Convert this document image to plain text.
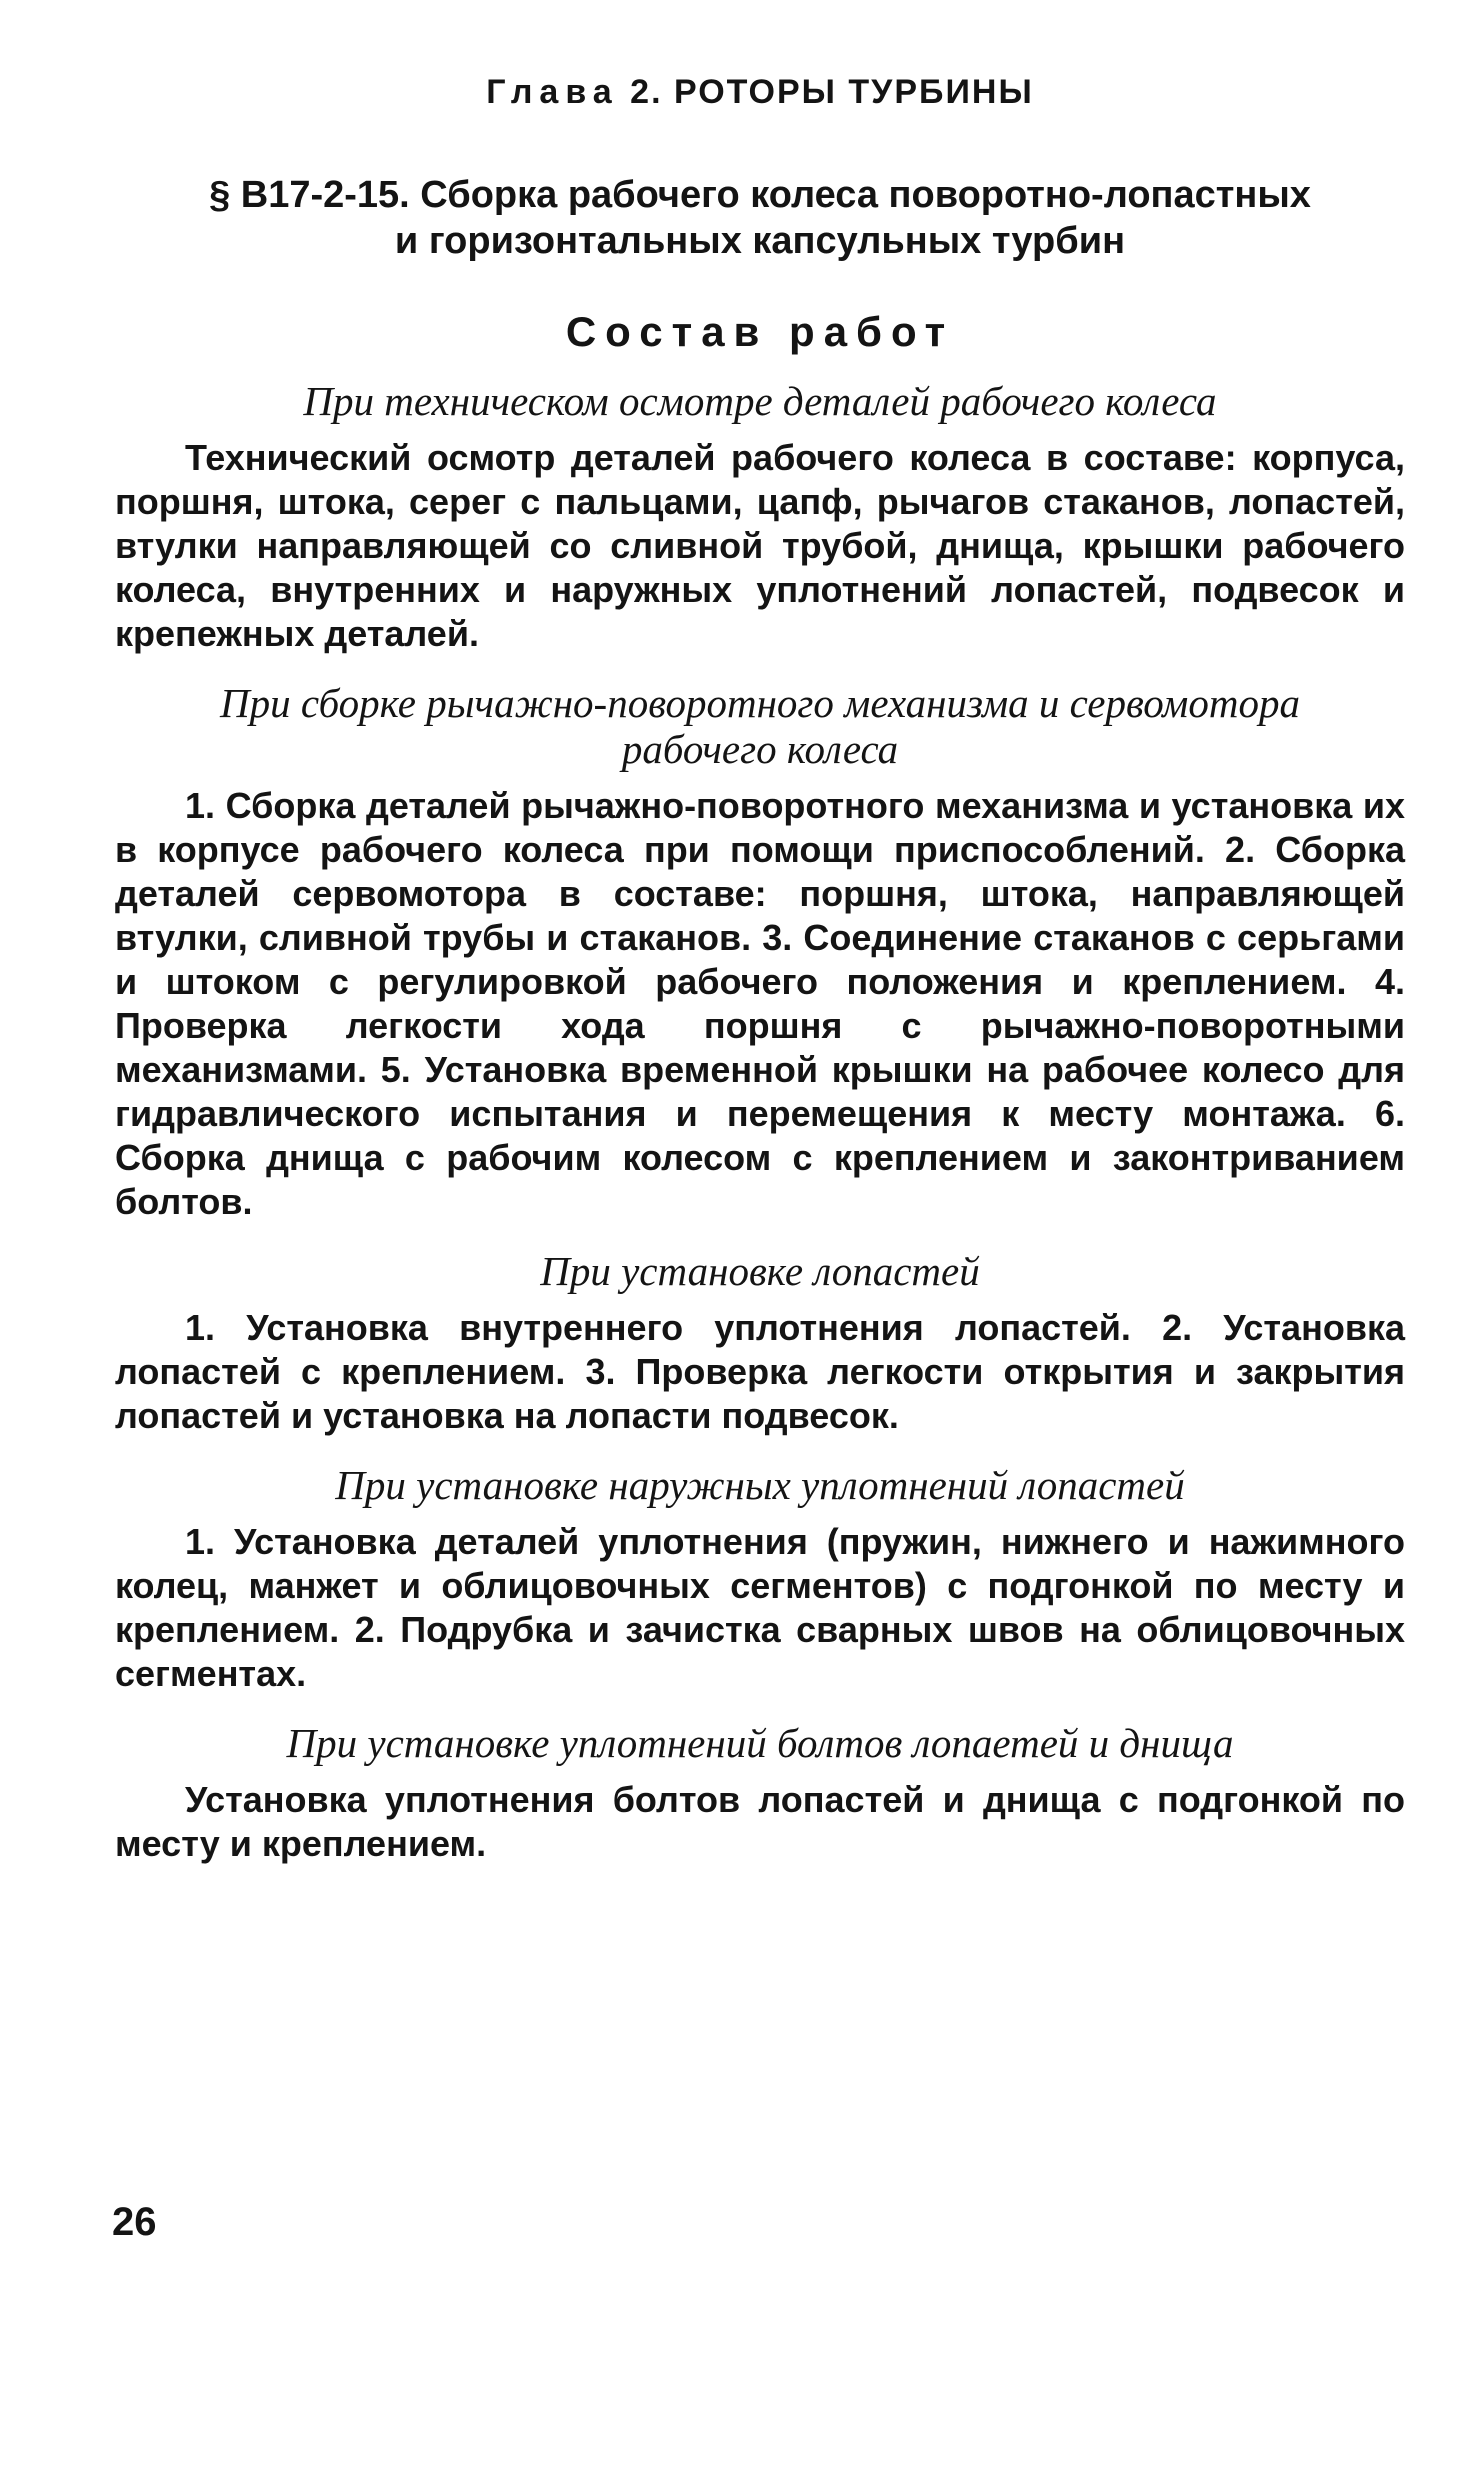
Глава 2. РОТОРЫ ТУРБИНЫ
§ В17-2-15. Сборка рабочего колеса поворотно-лопастных
и горизонтальных капсульных турбин
Состав работ
При техническом осмотре деталей рабочего колеса
Технический осмотр деталей рабочего колеса в составе: корпуса, поршня, штока, серег с пальцами, цапф, рычагов стаканов, лопастей, втулки направляющей со сливной трубой, днища, крышки рабочего колеса, внутренних и наружных уплотнений лопастей, подвесок и крепежных деталей.
При сборке рычажно-поворотного механизма и сервомотора
рабочего колеса
1. Сборка деталей рычажно-поворотного механизма и установка их в корпусе рабочего колеса при помощи приспособлений. 2. Сборка деталей сервомотора в составе: поршня, штока, направляющей втулки, сливной трубы и стаканов. 3. Соединение стаканов с серьгами и штоком с регулировкой рабочего положения и креплением. 4. Проверка легкости хода поршня с рычажно-поворотными механизмами. 5. Установка временной крышки на рабочее колесо для гидравлического испытания и перемещения к месту монтажа. 6. Сборка днища с рабочим колесом с креплением и законтриванием болтов.
При установке лопастей
1. Установка внутреннего уплотнения лопастей. 2. Установка лопастей с креплением. 3. Проверка легкости открытия и закрытия лопастей и установка на лопасти подвесок.
При установке наружных уплотнений лопастей
1. Установка деталей уплотнения (пружин, нижнего и нажимного колец, манжет и облицовочных сегментов) с подгонкой по месту и креплением. 2. Подрубка и зачистка сварных швов на облицовочных сегментах.
При установке уплотнений болтов лопаетей и днища
Установка уплотнения болтов лопастей и днища с подгонкой по месту и креплением.
26
